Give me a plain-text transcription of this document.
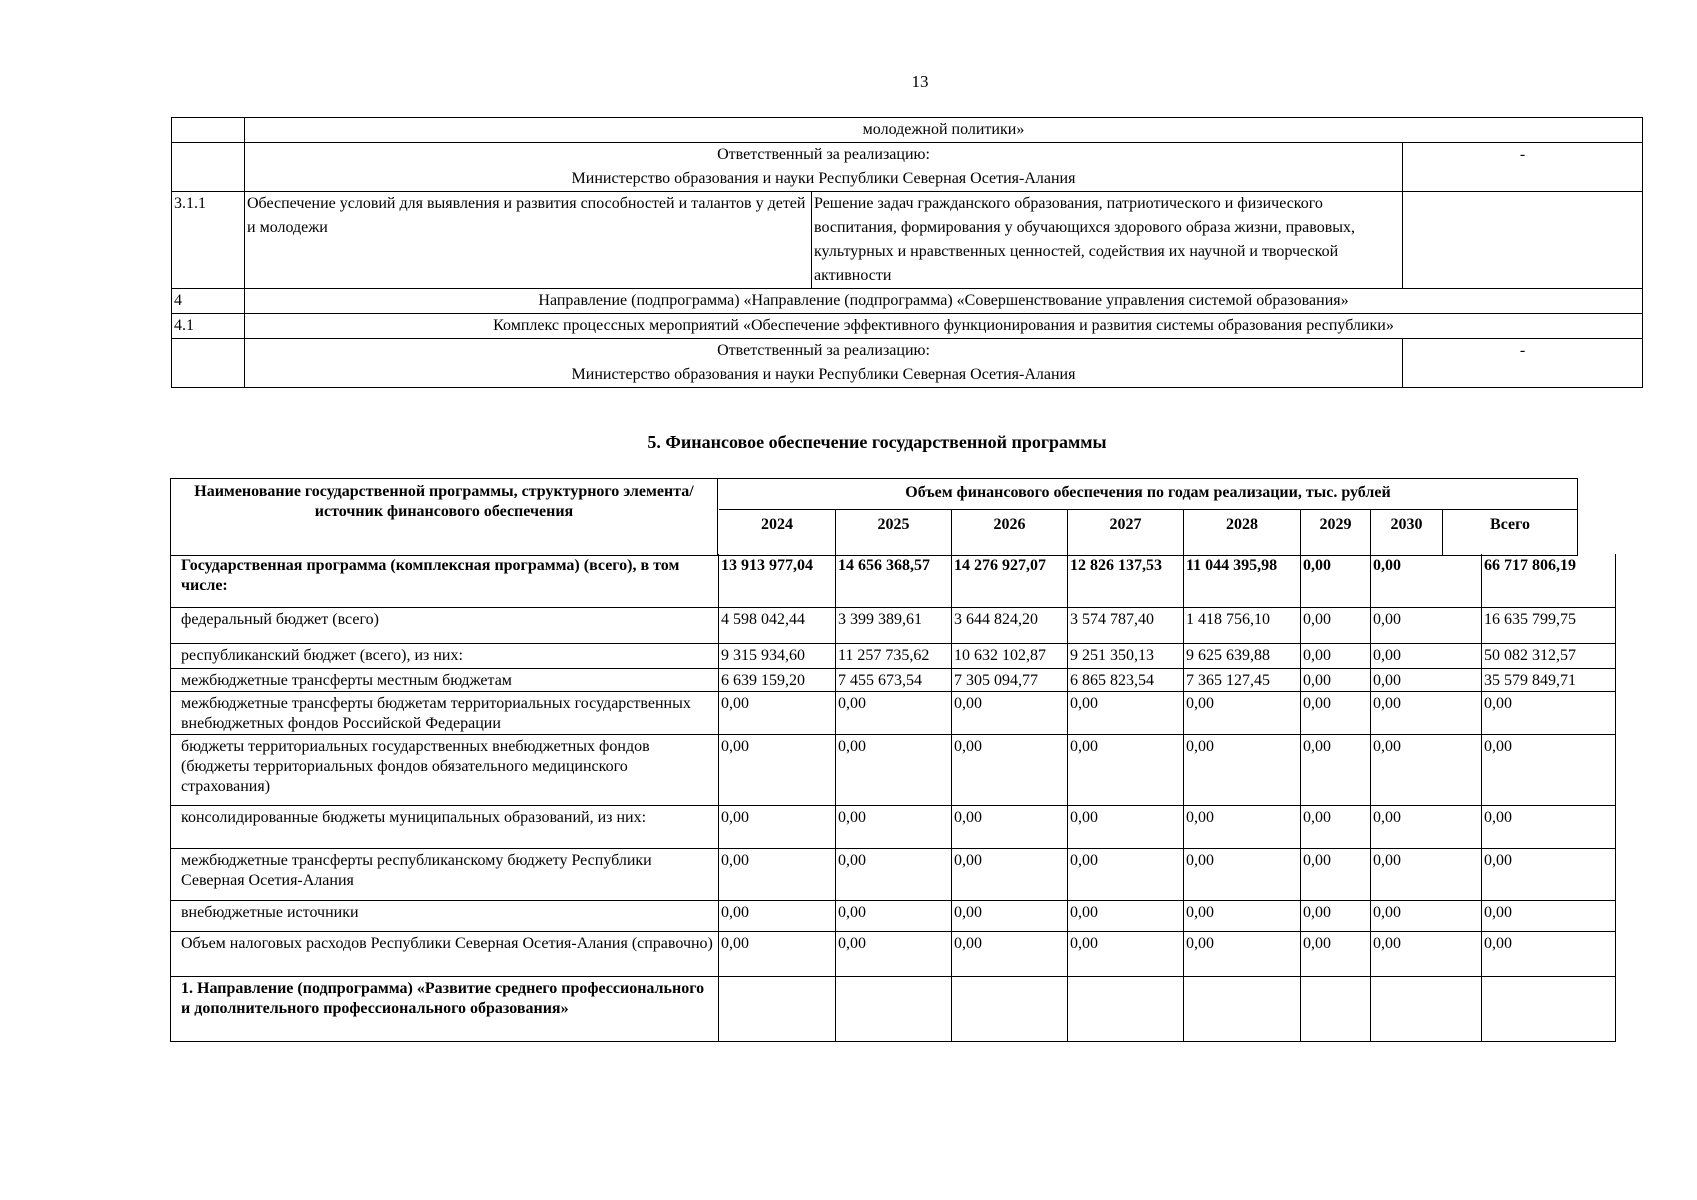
13
	молодежной политики»		

	Ответственный за реализацию:
Министерство образования и науки Республики Северная Осетия-Алания		-
3.1.1	Обеспечение условий для выявления и развития способностей и талантов у детей и молодежи	Решение задач гражданского образования, патриотического и физического воспитания, формирования у обучающихся здорового образа жизни, правовых, культурных и нравственных ценностей, содействия их научной и творческой активности	
4	Направление (подпрограмма) «Направление (подпрограмма) «Совершенствование управления системой образования»		
4.1	Комплекс процессных мероприятий «Обеспечение эффективного функционирования и развития системы образования республики»		

	Ответственный за реализацию:
Министерство образования и науки Республики Северная Осетия-Алания		-
5. Финансовое обеспечение государственной программы
Наименование государственной программы, структурного элемента/источник финансового обеспечения
Объем финансового обеспечения по годам реализации, тыс. рублей
2024	2025	2026	2027	2028	2029	2030	Всего
Государственная программа (комплексная программа) (всего), в том числе:	13 913 977,04	14 656 368,57	14 276 927,07	12 826 137,53	11 044 395,98	0,00	0,00	66 717 806,19
федеральный бюджет (всего)	4 598 042,44	3 399 389,61	3 644 824,20	3 574 787,40	1 418 756,10	0,00	0,00	16 635 799,75
республиканский бюджет (всего), из них:	9 315 934,60	11 257 735,62	10 632 102,87	9 251 350,13	9 625 639,88	0,00	0,00	50 082 312,57
межбюджетные трансферты местным бюджетам	6 639 159,20	7 455 673,54	7 305 094,77	6 865 823,54	7 365 127,45	0,00	0,00	35 579 849,71
межбюджетные трансферты бюджетам территориальных государственных внебюджетных фондов Российской Федерации	0,00	0,00	0,00	0,00	0,00	0,00	0,00	0,00
бюджеты территориальных государственных внебюджетных фондов (бюджеты территориальных фондов обязательного медицинского страхования)	0,00	0,00	0,00	0,00	0,00	0,00	0,00	0,00
консолидированные бюджеты муниципальных образований, из них:	0,00	0,00	0,00	0,00	0,00	0,00	0,00	0,00
межбюджетные трансферты республиканскому бюджету Республики Северная Осетия-Алания	0,00	0,00	0,00	0,00	0,00	0,00	0,00	0,00
внебюджетные источники	0,00	0,00	0,00	0,00	0,00	0,00	0,00	0,00
Объем налоговых расходов Республики Северная Осетия-Алания (справочно)	0,00	0,00	0,00	0,00	0,00	0,00	0,00	0,00
1. Направление (подпрограмма) «Развитие среднего профессионального и дополнительного профессионального образования»								
